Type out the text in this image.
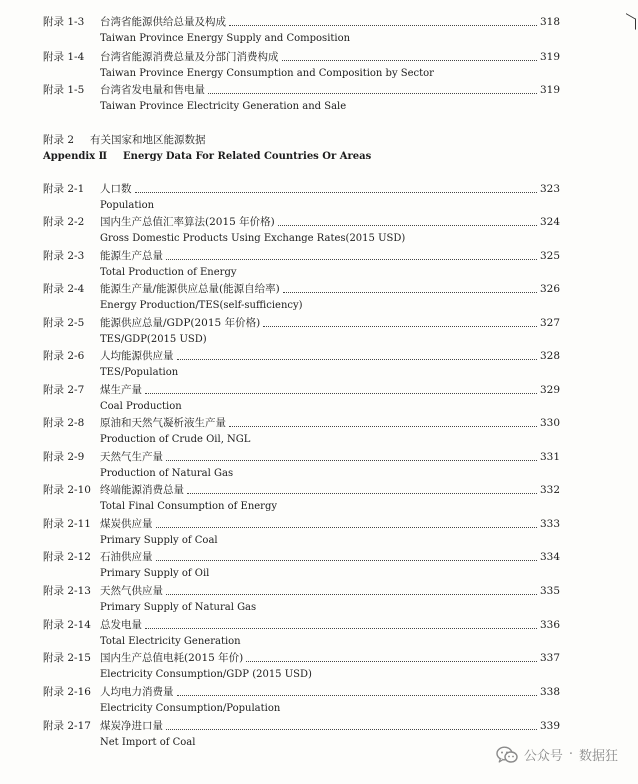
附录 1-3 台湾省能源供给总量及构成	318
Taiwan Province Energy Supply and Composition
附录 1-4 台湾省能源消费总量及分部门消费构成	319
Taiwan Province Energy Consumption and Composition by Sector
附录 1-5 台湾省发电量和售电量	319
Taiwan Province Electricity Generation and Sale
附录 2 有关国家和地区能源数据
Appendix Ⅱ Energy Data For Related Countries Or Areas
附录 2-1 人口数	323
Population
附录 2-2 国内生产总值汇率算法(2015 年价格)	324
Gross Domestic Products Using Exchange Rates(2015 USD)
附录 2-3 能源生产总量	325
Total Production of Energy
附录 2-4 能源生产量/能源供应总量(能源自给率)	326
Energy Production/TES(self-sufficiency)
附录 2-5 能源供应总量/GDP(2015 年价格)	327
TES/GDP(2015 USD)
附录 2-6 人均能源供应量	328
TES/Population
附录 2-7 煤生产量	329
Coal Production
附录 2-8 原油和天然气凝析液生产量	330
Production of Crude Oil, NGL
附录 2-9 天然气生产量	331
Production of Natural Gas
附录 2-10 终端能源消费总量	332
Total Final Consumption of Energy
附录 2-11 煤炭供应量	333
Primary Supply of Coal
附录 2-12 石油供应量	334
Primary Supply of Oil
附录 2-13 天然气供应量	335
Primary Supply of Natural Gas
附录 2-14 总发电量	336
Total Electricity Generation
附录 2-15 国内生产总值电耗(2015 年价)	337
Electricity Consumption/GDP (2015 USD)
附录 2-16 人均电力消费量	338
Electricity Consumption/Population
附录 2-17 煤炭净进口量	339
Net Import of Coal
公众号 · 数据狂
